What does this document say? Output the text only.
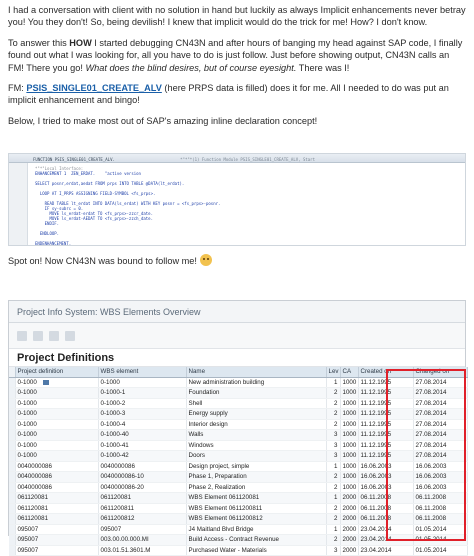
I had a conversation with client with no solution in hand but luckily as always Implicit enhancements never betray you! You they don't! So, being devilish! I knew that implicit would do the trick for me! How? I don't know.

To answer this HOW I started debugging CN43N and after hours of banging my head against SAP code, I finally found out what I was looking for, all you have to do is just follow. Just before showing output, CN43N calls an FM! There you go! What does the blind desires, but of course eyesight. There was I!

FM: PSIS_SINGLE01_CREATE_ALV (here PRPS data is filled) does it for me. All I needed to do was put an implicit enhancement and bingo!

Below, I tried to make most out of SAP's amazing inline declaration concept!

FUNCTION PSIS_SINGLE01_CREATE_ALV.	*"*"*(1) Function Module PSIS_SINGLE01_CREATE_ALV, Start
*"*"Local Interface:
ENHANCEMENT 1  ZEN_ERDAT.    "active version
SELECT posnr,erdat,aedat FROM prps INTO TABLE @DATA(lt_erdat).
LOOP AT I_PRPS ASSIGNING FIELD-SYMBOL <fs_prps>.
READ TABLE lt_erdat INTO DATA(ls_erdat) WITH KEY posnr = <fs_prps>-posnr.
IF sy-subrc = 0.
MOVE ls_erdat-erdat TO <fs_prps>-zzcr_date.
MOVE ls_erdat-AEDAT TO <fs_prps>-zzch_date.
ENDIF.
ENDLOOP.
ENDENHANCEMENT.
Spot on! Now CN43N was bound to follow me!
Project Info System: WBS Elements Overview
Project Definitions
	Project definition	WBS element	Name	Lev	CA	Created on	Changed on
	0-1000	0-1000	New administration building	1	1000	11.12.1995	27.08.2014
	0-1000	0-1000-1	Foundation	2	1000	11.12.1995	27.08.2014
	0-1000	0-1000-2	Shell	2	1000	11.12.1995	27.08.2014
	0-1000	0-1000-3	Energy supply	2	1000	11.12.1995	27.08.2014
	0-1000	0-1000-4	Interior design	2	1000	11.12.1995	27.08.2014
	0-1000	0-1000-40	Walls	3	1000	11.12.1995	27.08.2014
	0-1000	0-1000-41	Windows	3	1000	11.12.1995	27.08.2014
	0-1000	0-1000-42	Doors	3	1000	11.12.1995	27.08.2014
	0040000086	0040000086	Design project, simple	1	1000	16.06.2003	16.06.2003
	0040000086	0040000086-10	Phase 1, Preparation	2	1000	16.06.2003	16.06.2003
	0040000086	0040000086-20	Phase 2, Realization	2	1000	16.06.2003	16.06.2003
	061120081	061120081	WBS Element 061120081	1	2000	06.11.2008	06.11.2008
	061120081	0611200811	WBS Element 0611200811	2	2000	06.11.2008	06.11.2008
	061120081	0611200812	WBS Element 0611200812	2	2000	06.11.2008	06.11.2008
	095007	095007	J4 Maitland Blvd Bridge	1	2000	23.04.2014	01.05.2014
	095007	003.00.00.000.MI	Build Access - Contract Revenue	2	2000	23.04.2014	01.05.2014
	095007	003.01.51.3601.M	Purchased Water - Materials	3	2000	23.04.2014	01.05.2014
